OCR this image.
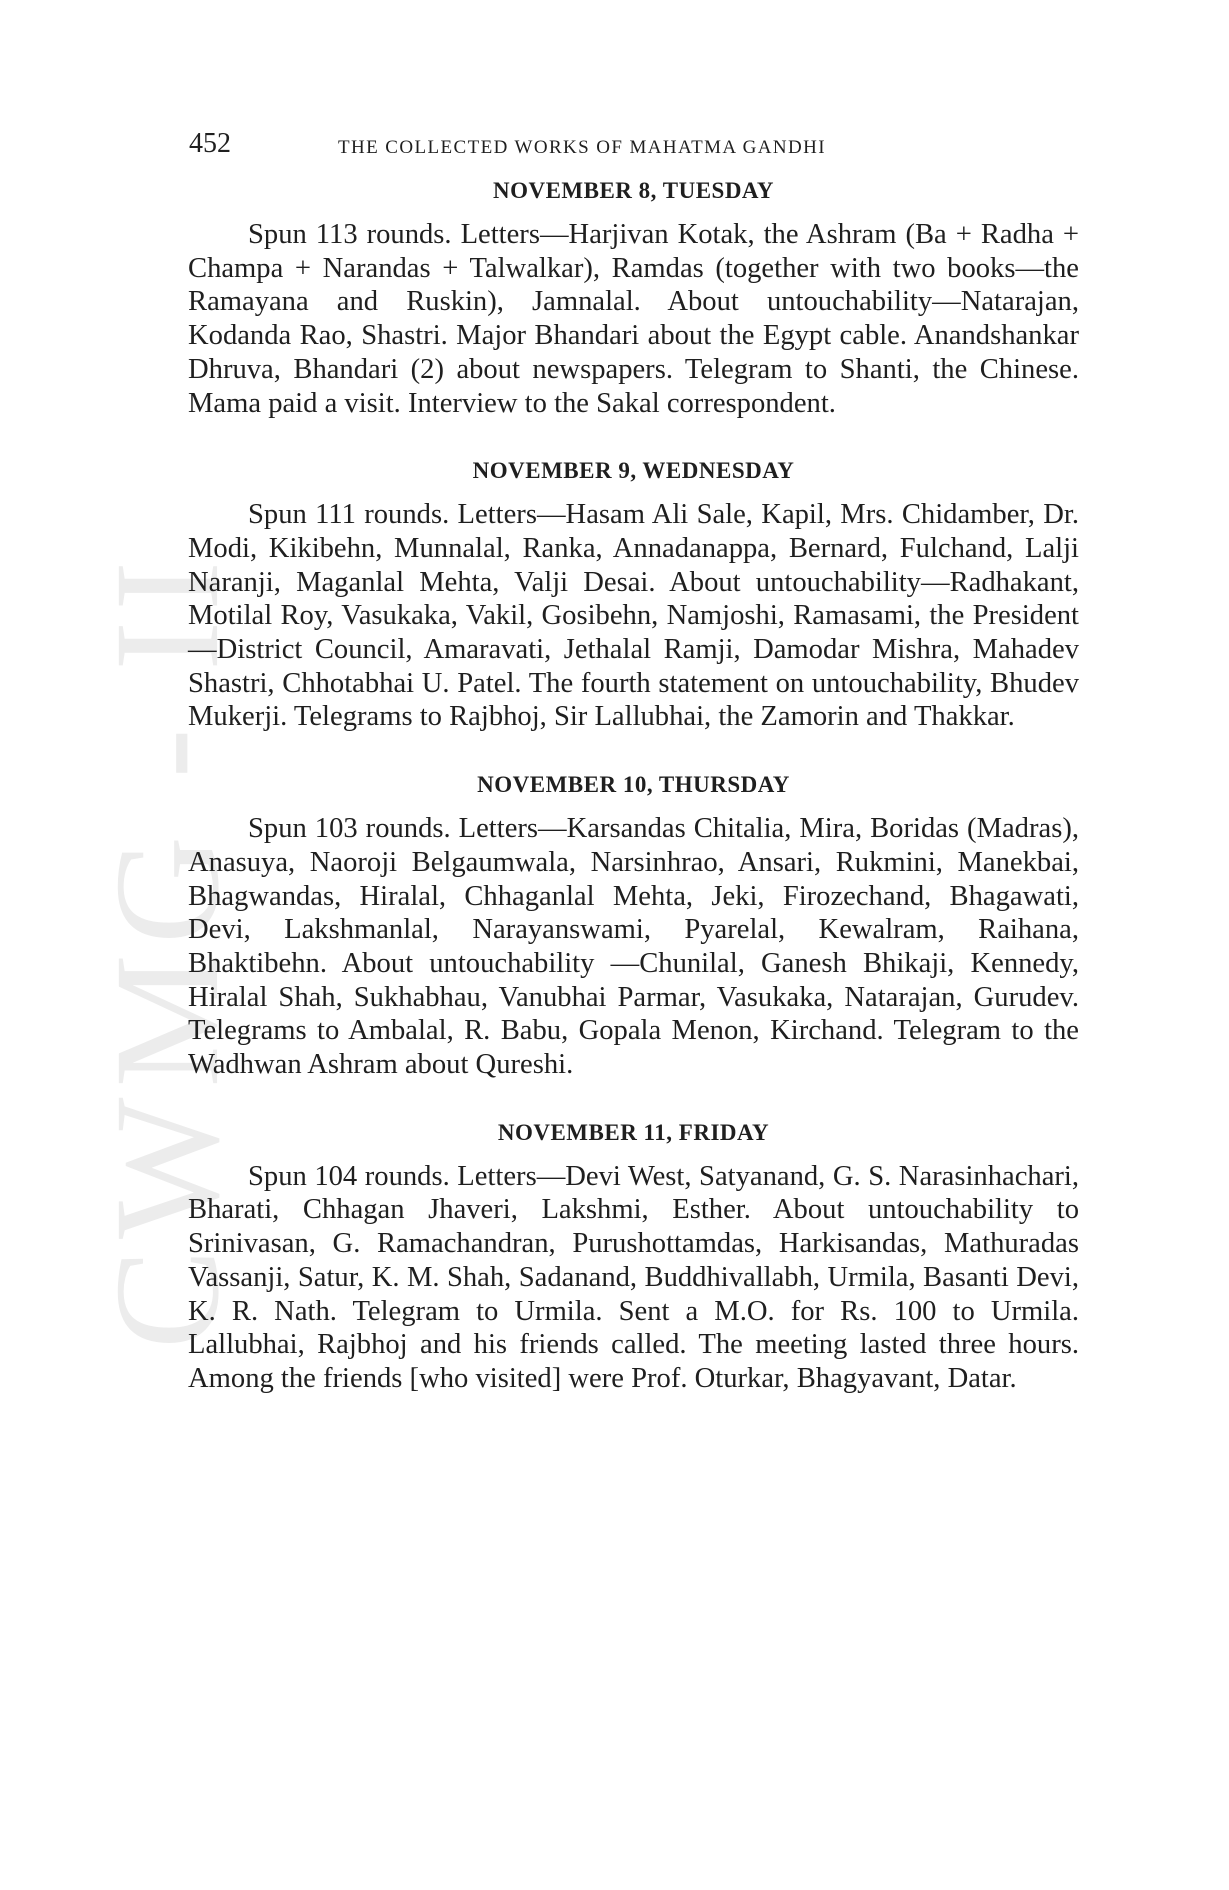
CWMG - II
452	THE COLLECTED WORKS OF MAHATMA GANDHI
NOVEMBER 8, TUESDAY

Spun 113 rounds. Letters—Harjivan Kotak, the Ashram (Ba + Radha + Champa + Narandas + Talwalkar), Ramdas (together with two books—the Ramayana and Ruskin), Jamnalal. About untouchability—Natarajan, Kodanda Rao, Shastri. Major Bhandari about the Egypt cable. Anandshankar Dhruva, Bhandari (2) about newspapers. Telegram to Shanti, the Chinese. Mama paid a visit. Interview to the Sakal correspondent.

NOVEMBER 9, WEDNESDAY

Spun 111 rounds. Letters—Hasam Ali Sale, Kapil, Mrs. Chidamber, Dr. Modi, Kikibehn, Munnalal, Ranka, Annadanappa, Bernard, Fulchand, Lalji Naranji, Maganlal Mehta, Valji Desai. About untouchability—Radhakant, Motilal Roy, Vasukaka, Vakil, Gosibehn, Namjoshi, Ramasami, the President—District Council, Amaravati, Jethalal Ramji, Damodar Mishra, Mahadev Shastri, Chhotabhai U. Patel. The fourth statement on untouchability, Bhudev Mukerji. Telegrams to Rajbhoj, Sir Lallubhai, the Zamorin and Thakkar.

NOVEMBER 10, THURSDAY

Spun 103 rounds. Letters—Karsandas Chitalia, Mira, Boridas (Madras), Anasuya, Naoroji Belgaumwala, Narsinhrao, Ansari, Rukmini, Manekbai, Bhagwandas, Hiralal, Chhaganlal Mehta, Jeki, Firozechand, Bhagawati, Devi, Lakshmanlal, Narayanswami, Pyarelal, Kewalram, Raihana, Bhaktibehn. About untouchability —Chunilal, Ganesh Bhikaji, Kennedy, Hiralal Shah, Sukhabhau, Vanubhai Parmar, Vasukaka, Natarajan, Gurudev. Telegrams to Ambalal, R. Babu, Gopala Menon, Kirchand. Telegram to the Wadhwan Ashram about Qureshi.

NOVEMBER 11, FRIDAY

Spun 104 rounds. Letters—Devi West, Satyanand, G. S. Narasinhachari, Bharati, Chhagan Jhaveri, Lakshmi, Esther. About untouchability to Srinivasan, G. Ramachandran, Purushottamdas, Harkisandas, Mathuradas Vassanji, Satur, K. M. Shah, Sadanand, Buddhivallabh, Urmila, Basanti Devi, K. R. Nath. Telegram to Urmila. Sent a M.O. for Rs. 100 to Urmila. Lallubhai, Rajbhoj and his friends called. The meeting lasted three hours. Among the friends [who visited] were Prof. Oturkar, Bhagyavant, Datar.
